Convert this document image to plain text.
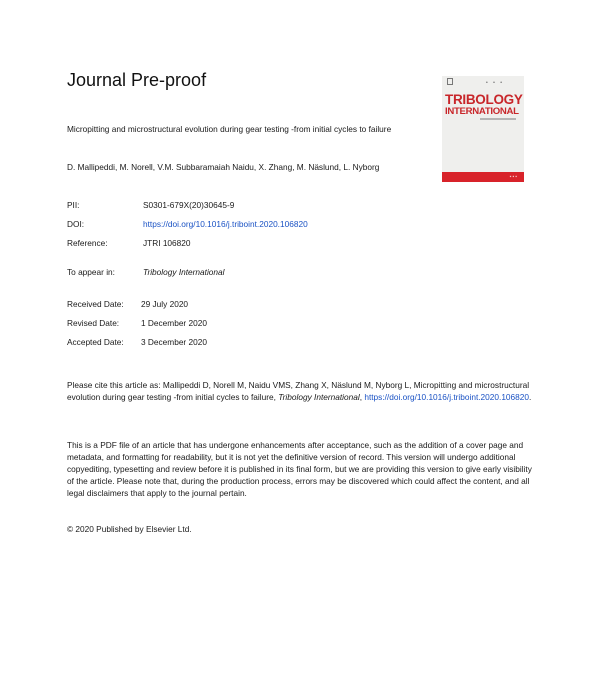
Journal Pre-proof	• • •
TRIBOLOGY
INTERNATIONAL
▪▪▪
Micropitting and microstructural evolution during gear testing -from initial cycles to failure
D. Mallipeddi, M. Norell, V.M. Subbaramaiah Naidu, X. Zhang, M. Näslund, L. Nyborg
PII:	S0301-679X(20)30645-9
DOI:	https://doi.org/10.1016/j.triboint.2020.106820
Reference:	JTRI 106820
To appear in:	Tribology International
Received Date: 29 July 2020
Revised Date:	1 December 2020
Accepted Date: 3 December 2020
Please cite this article as: Mallipeddi D, Norell M, Naidu VMS, Zhang X, Näslund M, Nyborg L, Micropitting and microstructural evolution during gear testing -from initial cycles to failure, Tribology International, https://doi.org/10.1016/j.triboint.2020.106820.
This is a PDF file of an article that has undergone enhancements after acceptance, such as the addition of a cover page and metadata, and formatting for readability, but it is not yet the definitive version of record. This version will undergo additional copyediting, typesetting and review before it is published in its final form, but we are providing this version to give early visibility of the article. Please note that, during the production process, errors may be discovered which could affect the content, and all legal disclaimers that apply to the journal pertain.
© 2020 Published by Elsevier Ltd.
